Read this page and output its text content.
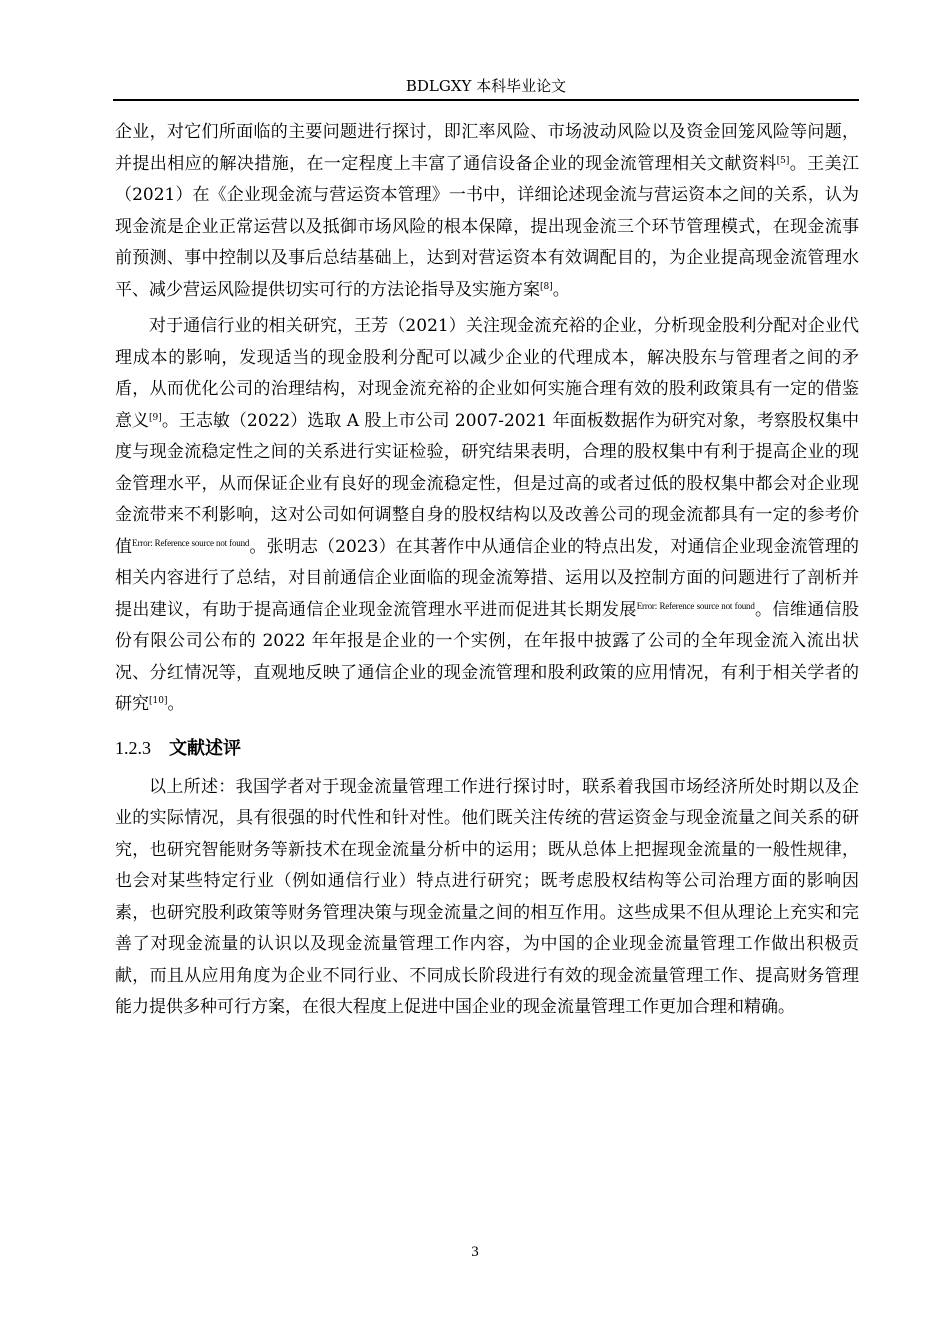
BDLGXY 本科毕业论文

企业，对它们所面临的主要问题进行探讨，即汇率风险、市场波动风险以及资金回笼风险等问题，并提出相应的解决措施，在一定程度上丰富了通信设备企业的现金流管理相关文献资料[5]。王美江（2021）在《企业现金流与营运资本管理》一书中，详细论述现金流与营运资本之间的关系，认为现金流是企业正常运营以及抵御市场风险的根本保障，提出现金流三个环节管理模式，在现金流事前预测、事中控制以及事后总结基础上，达到对营运资本有效调配目的，为企业提高现金流管理水平、减少营运风险提供切实可行的方法论指导及实施方案[8]。

对于通信行业的相关研究，王芳（2021）关注现金流充裕的企业，分析现金股利分配对企业代理成本的影响，发现适当的现金股利分配可以减少企业的代理成本，解决股东与管理者之间的矛盾，从而优化公司的治理结构，对现金流充裕的企业如何实施合理有效的股利政策具有一定的借鉴意义[9]。王志敏（2022）选取 A 股上市公司 2007-2021 年面板数据作为研究对象，考察股权集中度与现金流稳定性之间的关系进行实证检验，研究结果表明，合理的股权集中有利于提高企业的现金管理水平，从而保证企业有良好的现金流稳定性，但是过高的或者过低的股权集中都会对企业现金流带来不利影响，这对公司如何调整自身的股权结构以及改善公司的现金流都具有一定的参考价值$^{Error: Reference source not found}$。张明志（2023）在其著作中从通信企业的特点出发，对通信企业现金流管理的相关内容进行了总结，对目前通信企业面临的现金流筹措、运用以及控制方面的问题进行了剖析并提出建议，有助于提高通信企业现金流管理水平进而促进其长期发展$^{Error: Reference source not found}$。信维通信股份有限公司公布的 2022 年年报是企业的一个实例，在年报中披露了公司的全年现金流入流出状况、分红情况等，直观地反映了通信企业的现金流管理和股利政策的应用情况，有利于相关学者的研究[10]。

1.2.3 文献述评

以上所述：我国学者对于现金流量管理工作进行探讨时，联系着我国市场经济所处时期以及企业的实际情况，具有很强的时代性和针对性。他们既关注传统的营运资金与现金流量之间关系的研究，也研究智能财务等新技术在现金流量分析中的运用；既从总体上把握现金流量的一般性规律，也会对某些特定行业（例如通信行业）特点进行研究；既考虑股权结构等公司治理方面的影响因素，也研究股利政策等财务管理决策与现金流量之间的相互作用。这些成果不但从理论上充实和完善了对现金流量的认识以及现金流量管理工作内容，为中国的企业现金流量管理工作做出积极贡献，而且从应用角度为企业不同行业、不同成长阶段进行有效的现金流量管理工作、提高财务管理能力提供多种可行方案，在很大程度上促进中国企业的现金流量管理工作更加合理和精确。

3
